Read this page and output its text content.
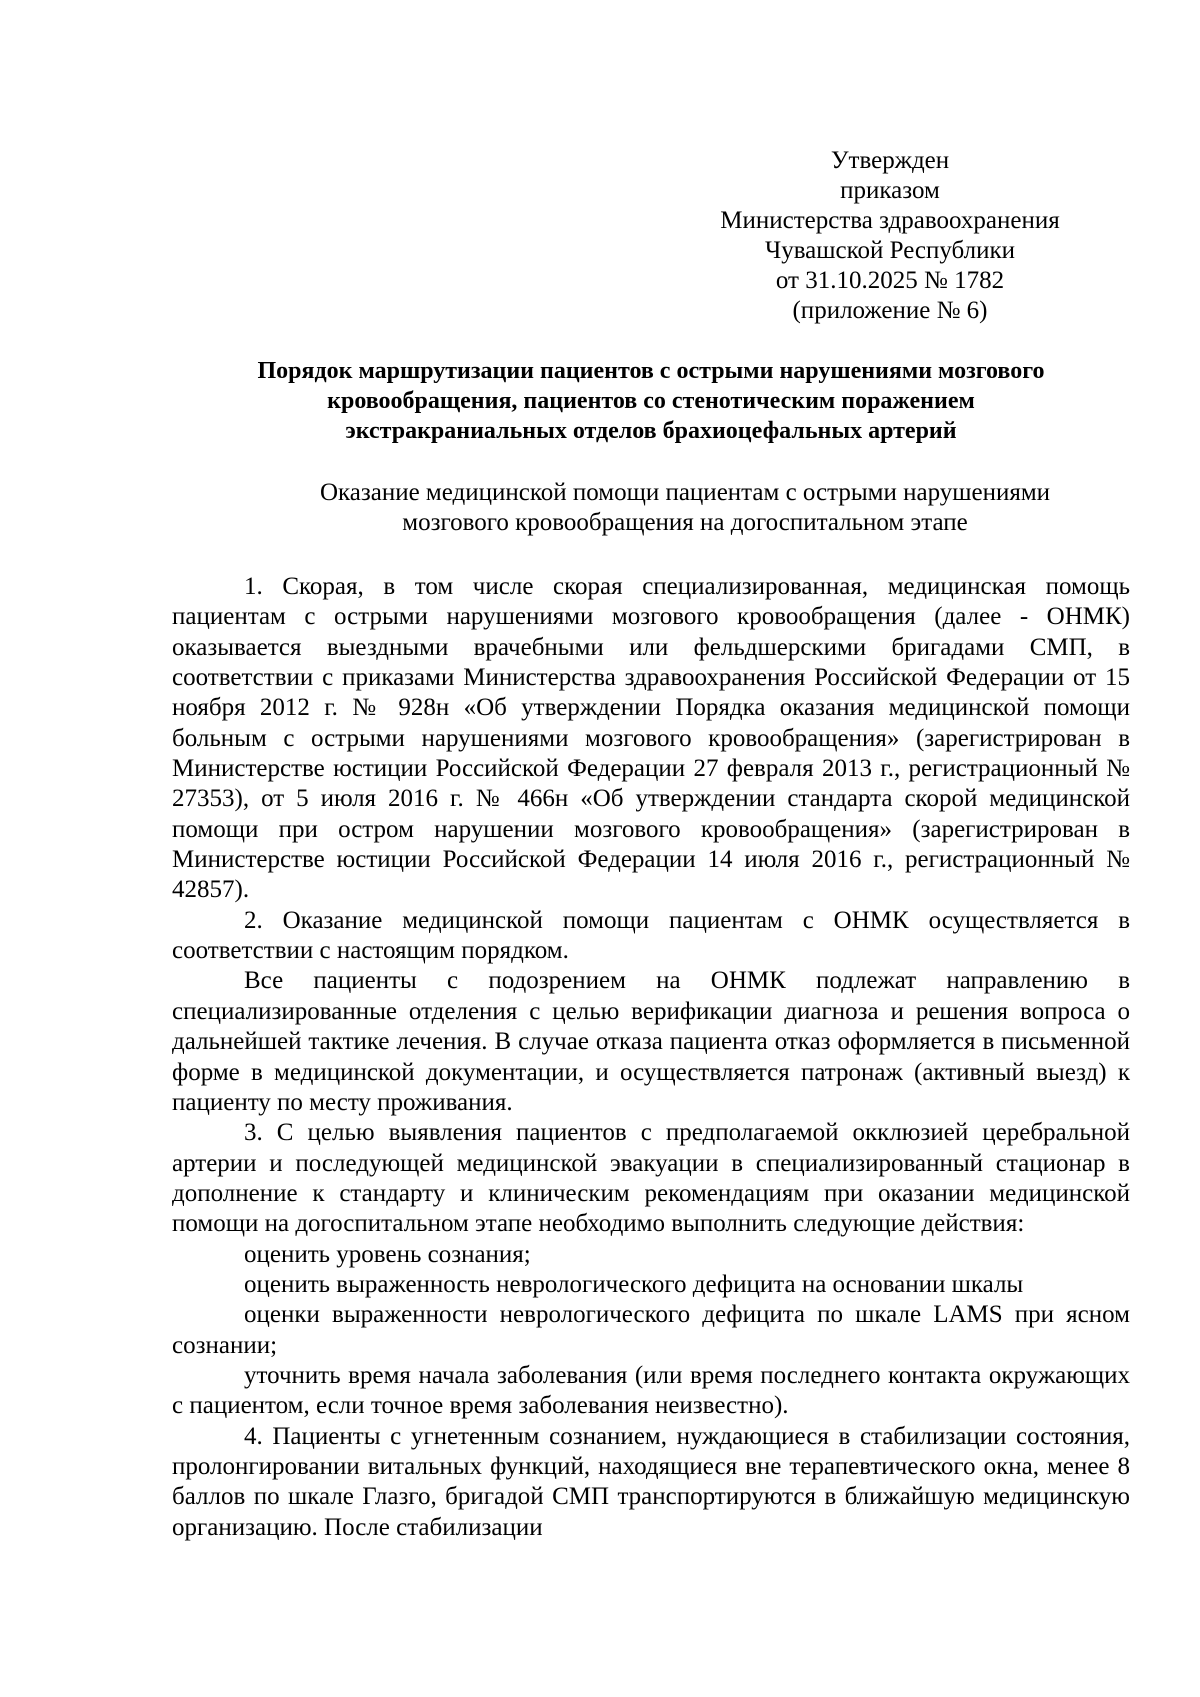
Утвержден
приказом
Министерства здравоохранения
Чувашской Республики
от 31.10.2025 № 1782
(приложение № 6)
Порядок маршрутизации пациентов с острыми нарушениями мозгового
кровообращения, пациентов со стенотическим поражением
экстракраниальных отделов брахиоцефальных артерий
Оказание медицинской помощи пациентам с острыми нарушениями
мозгового кровообращения на догоспитальном этапе

1. Скорая, в том числе скорая специализированная, медицинская помощь пациентам с острыми нарушениями мозгового кровообращения (далее - ОНМК) оказывается выездными врачебными или фельдшерскими бригадами СМП, в соответствии с приказами Министерства здравоохранения Российской Федерации от 15 ноября 2012 г. № 928н «Об утверждении Порядка оказания медицинской помощи больным с острыми нарушениями мозгового кровообращения» (зарегистрирован в Министерстве юстиции Российской Федерации 27 февраля 2013 г., регистрационный № 27353), от 5 июля 2016 г. № 466н «Об утверждении стандарта скорой медицинской помощи при остром нарушении мозгового кровообращения» (зарегистрирован в Министерстве юстиции Российской Федерации 14 июля 2016 г., регистрационный № 42857).

2. Оказание медицинской помощи пациентам с ОНМК осуществляется в соответствии с настоящим порядком.

Все пациенты с подозрением на ОНМК подлежат направлению в специализированные отделения с целью верификации диагноза и решения вопроса о дальнейшей тактике лечения. В случае отказа пациента отказ оформляется в письменной форме в медицинской документации, и осуществляется патронаж (активный выезд) к пациенту по месту проживания.

3. С целью выявления пациентов с предполагаемой окклюзией церебральной артерии и последующей медицинской эвакуации в специализированный стационар в дополнение к стандарту и клиническим рекомендациям при оказании медицинской помощи на догоспитальном этапе необходимо выполнить следующие действия:

оценить уровень сознания;

оценить выраженность неврологического дефицита на основании шкалы

оценки выраженности неврологического дефицита по шкале LAMS при ясном сознании;

уточнить время начала заболевания (или время последнего контакта окружающих с пациентом, если точное время заболевания неизвестно).

4. Пациенты с угнетенным сознанием, нуждающиеся в стабилизации состояния, пролонгировании витальных функций, находящиеся вне терапевтического окна, менее 8 баллов по шкале Глазго, бригадой СМП транспортируются в ближайшую медицинскую организацию. После стабилизации
